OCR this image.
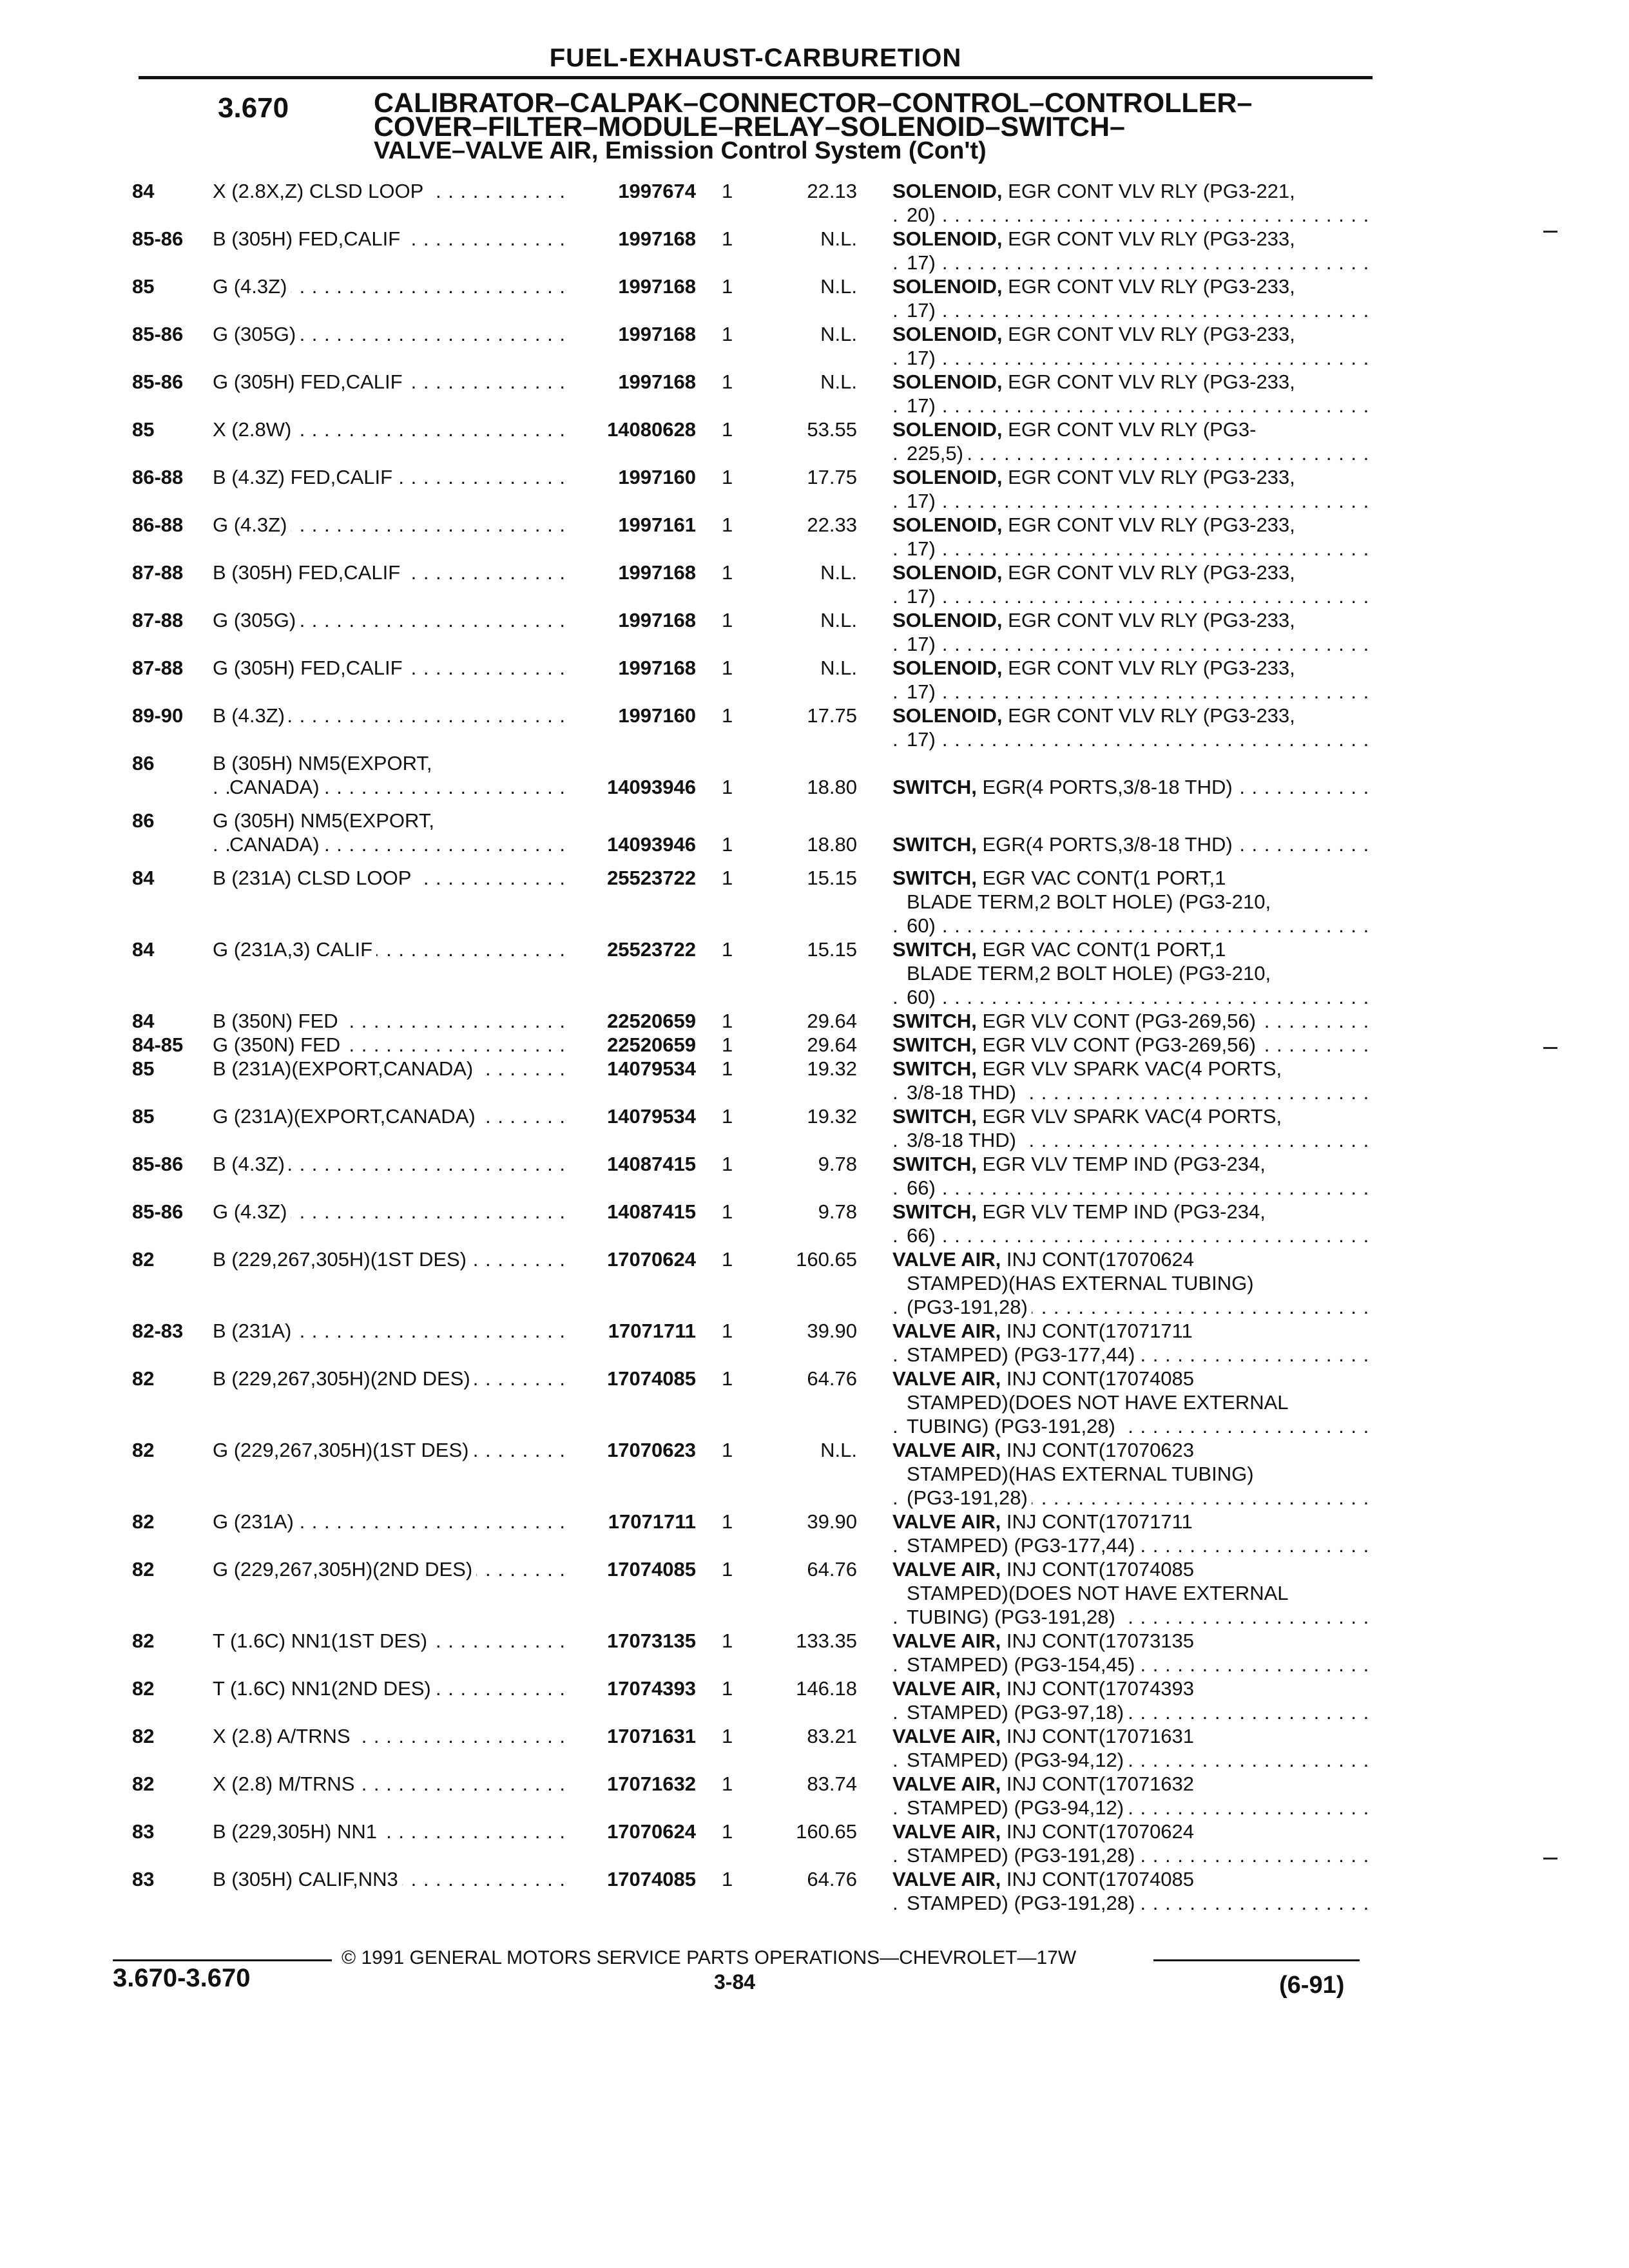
FUEL-EXHAUST-CARBURETION
3.670	CALIBRATOR–CALPAK–CONNECTOR–CONTROL–CONTROLLER–
COVER–FILTER–MODULE–RELAY–SOLENOID–SWITCH–
VALVE–VALVE AIR, Emission Control System (Con't)
84	X (2.8X,Z) CLSD LOOP . . .	1997674 1	22.13 SOLENOID, EGR CONT VLV RLY (PG3-221,
20) . . .
85-86 B (305H) FED,CALIF . . .	1997168 1	N.L. SOLENOID, EGR CONT VLV RLY (PG3-233,
17) . . .
85	G (4.3Z) . . .	1997168 1	N.L. SOLENOID, EGR CONT VLV RLY (PG3-233,
17) . . .
85-86 G (305G) . . .	1997168 1	N.L. SOLENOID, EGR CONT VLV RLY (PG3-233,
17) . . .
85-86 G (305H) FED,CALIF . . .	1997168 1	N.L. SOLENOID, EGR CONT VLV RLY (PG3-233,
17) . . .
85	X (2.8W) . . .	14080628 1	53.55 SOLENOID, EGR CONT VLV RLY (PG3-
225,5) . . .
86-88 B (4.3Z) FED,CALIF . . .	1997160 1	17.75 SOLENOID, EGR CONT VLV RLY (PG3-233,
17) . . .
86-88 G (4.3Z) . . .	1997161 1	22.33 SOLENOID, EGR CONT VLV RLY (PG3-233,
17) . . .
87-88 B (305H) FED,CALIF . . .	1997168 1	N.L. SOLENOID, EGR CONT VLV RLY (PG3-233,
17) . . .
87-88 G (305G) . . .	1997168 1	N.L. SOLENOID, EGR CONT VLV RLY (PG3-233,
17) . . .
87-88 G (305H) FED,CALIF . . .	1997168 1	N.L. SOLENOID, EGR CONT VLV RLY (PG3-233,
17) . . .
89-90 B (4.3Z) . . .	1997160 1	17.75 SOLENOID, EGR CONT VLV RLY (PG3-233,
17) . . .
86	B (305H) NM5(EXPORT,
CANADA) . . .	14093946 1	18.80 SWITCH, EGR(4 PORTS,3/8-18 THD) . . .
86	G (305H) NM5(EXPORT,
CANADA) . . .	14093946 1	18.80 SWITCH, EGR(4 PORTS,3/8-18 THD) . . .
84	B (231A) CLSD LOOP . . .	25523722 1	15.15 SWITCH, EGR VAC CONT(1 PORT,1
BLADE TERM,2 BOLT HOLE) (PG3-210,
60) . . .
84	G (231A,3) CALIF . . .	25523722 1	15.15 SWITCH, EGR VAC CONT(1 PORT,1
BLADE TERM,2 BOLT HOLE) (PG3-210,
60) . . .
84	B (350N) FED . . .	22520659 1	29.64 SWITCH, EGR VLV CONT (PG3-269,56) . . .
84-85 G (350N) FED . . .	22520659 1	29.64 SWITCH, EGR VLV CONT (PG3-269,56) . . .
85	B (231A)(EXPORT,CANADA) . . .	14079534 1	19.32 SWITCH, EGR VLV SPARK VAC(4 PORTS,
3/8-18 THD) . . .
85	G (231A)(EXPORT,CANADA) . . .	14079534 1	19.32 SWITCH, EGR VLV SPARK VAC(4 PORTS,
3/8-18 THD) . . .
85-86 B (4.3Z) . . .	14087415 1	9.78 SWITCH, EGR VLV TEMP IND (PG3-234,
66) . . .
85-86 G (4.3Z) . . .	14087415 1	9.78 SWITCH, EGR VLV TEMP IND (PG3-234,
66) . . .
82	B (229,267,305H)(1ST DES) . . .	17070624 1	160.65 VALVE AIR, INJ CONT(17070624
STAMPED)(HAS EXTERNAL TUBING)
(PG3-191,28) . . .
82-83 B (231A) . . .	17071711 1	39.90 VALVE AIR, INJ CONT(17071711
STAMPED) (PG3-177,44) . . .
82	B (229,267,305H)(2ND DES) . . .	17074085 1	64.76 VALVE AIR, INJ CONT(17074085
STAMPED)(DOES NOT HAVE EXTERNAL
TUBING) (PG3-191,28) . . .
82	G (229,267,305H)(1ST DES) . . .	17070623 1	N.L. VALVE AIR, INJ CONT(17070623
STAMPED)(HAS EXTERNAL TUBING)
(PG3-191,28) . . .
82	G (231A) . . .	17071711 1	39.90 VALVE AIR, INJ CONT(17071711
STAMPED) (PG3-177,44) . . .
82	G (229,267,305H)(2ND DES) . . .	17074085 1	64.76 VALVE AIR, INJ CONT(17074085
STAMPED)(DOES NOT HAVE EXTERNAL
TUBING) (PG3-191,28) . . .
82	T (1.6C) NN1(1ST DES) . . .	17073135 1	133.35 VALVE AIR, INJ CONT(17073135
STAMPED) (PG3-154,45) . . .
82	T (1.6C) NN1(2ND DES) . . .	17074393 1	146.18 VALVE AIR, INJ CONT(17074393
STAMPED) (PG3-97,18) . . .
82	X (2.8) A/TRNS . . .	17071631 1	83.21 VALVE AIR, INJ CONT(17071631
STAMPED) (PG3-94,12) . . .
82	X (2.8) M/TRNS . . .	17071632 1	83.74 VALVE AIR, INJ CONT(17071632
STAMPED) (PG3-94,12) . . .
83	B (229,305H) NN1 . . .	17070624 1	160.65 VALVE AIR, INJ CONT(17070624
STAMPED) (PG3-191,28) . . .
83	B (305H) CALIF,NN3 . . .	17074085 1	64.76 VALVE AIR, INJ CONT(17074085
STAMPED) (PG3-191,28) . . .
© 1991 GENERAL MOTORS SERVICE PARTS OPERATIONS—CHEVROLET—17W
3.670-3.670	3-84	(6-91)
